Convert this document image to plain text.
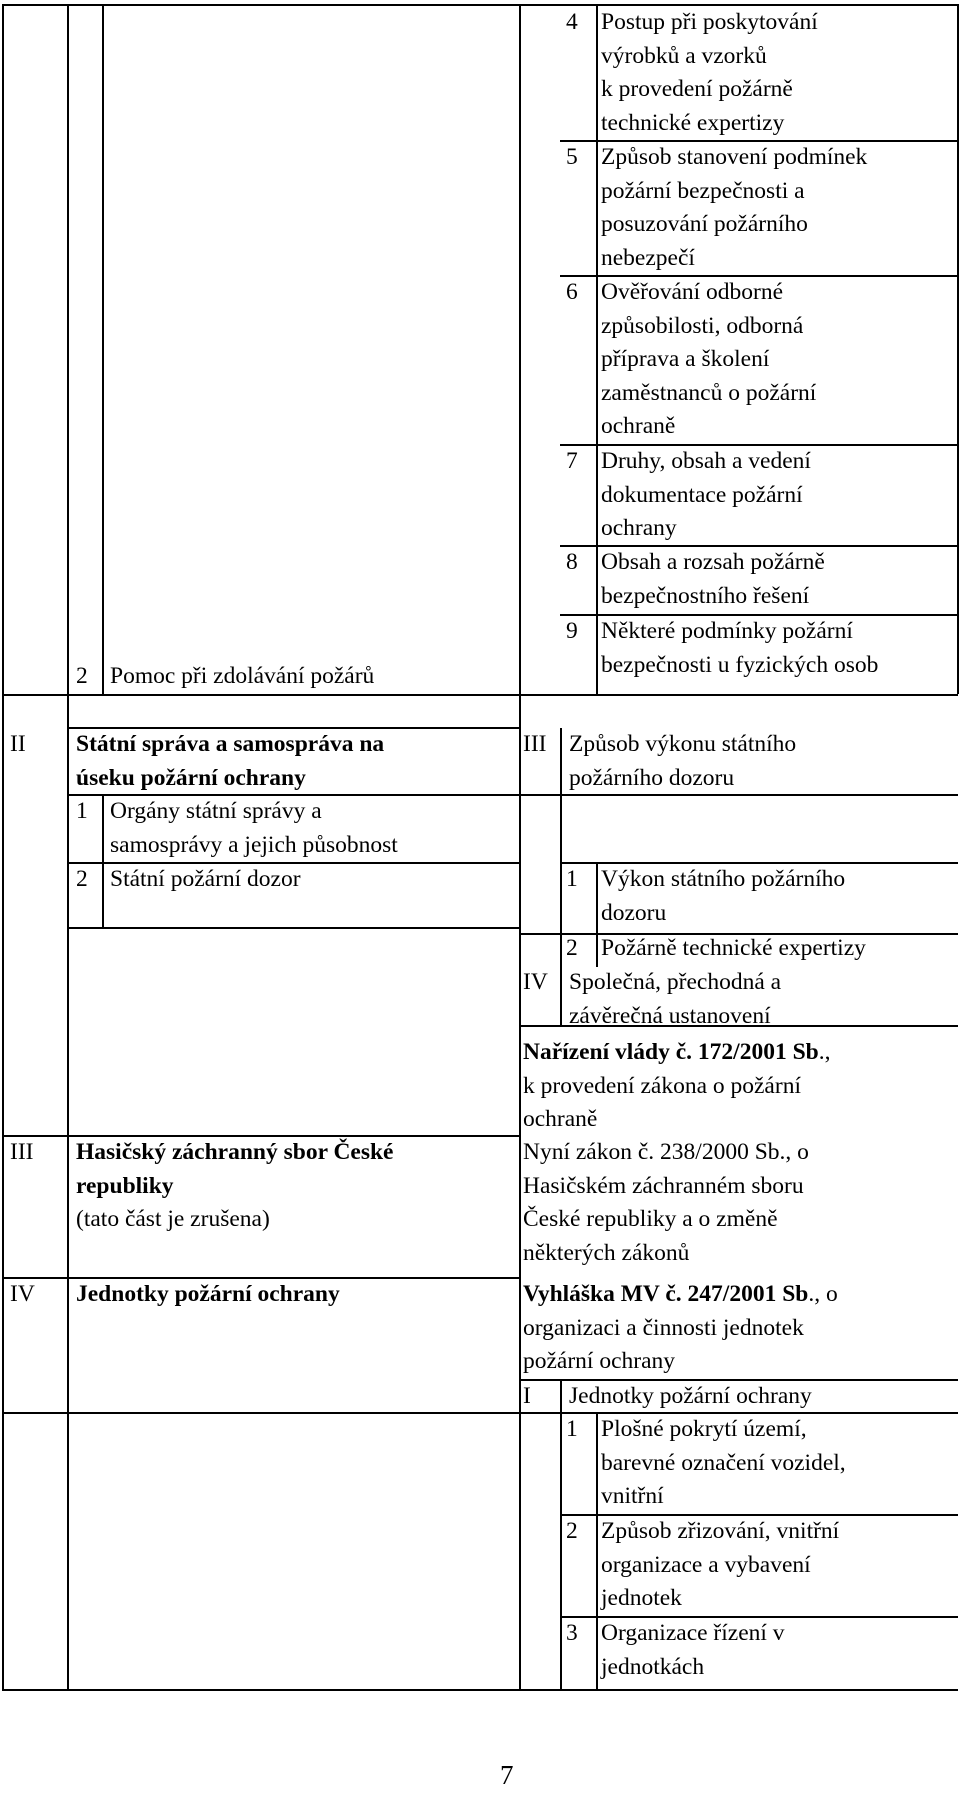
4 Postup při poskytování
výrobků a vzorků
k provedení požárně
technické expertizy
5 Způsob stanovení podmínek
požární bezpečnosti a
posuzování požárního
nebezpečí
6 Ověřování odborné
způsobilosti, odborná
příprava a školení
zaměstnanců o požární
ochraně
7 Druhy, obsah a vedení
dokumentace požární
ochrany
8 Obsah a rozsah požárně
bezpečnostního řešení
9 Některé podmínky požární
bezpečnosti u fyzických osob
2 Pomoc při zdolávání požárů
II Státní správa a samospráva na
úseku požární ochrany
III Způsob výkonu státního
požárního dozoru
1 Orgány státní správy a
samosprávy a jejich působnost
2 Státní požární dozor	1 Výkon státního požárního
dozoru
2 Požárně technické expertizy
IV Společná, přechodná a
závěrečná ustanovení
Nařízení vlády č. 172/2001 Sb.,
k provedení zákona o požární
ochraně
III Hasičský záchranný sbor České
republiky
(tato část je zrušena)
Nyní zákon č. 238/2000 Sb., o
Hasičském záchranném sboru
České republiky a o změně
některých zákonů
IV Jednotky požární ochrany	Vyhláška MV č. 247/2001 Sb., o
organizaci a činnosti jednotek
požární ochrany
I Jednotky požární ochrany
1 Plošné pokrytí území,
barevné označení vozidel,
vnitřní
2 Způsob zřizování, vnitřní
organizace a vybavení
jednotek
3 Organizace řízení v
jednotkách
7
